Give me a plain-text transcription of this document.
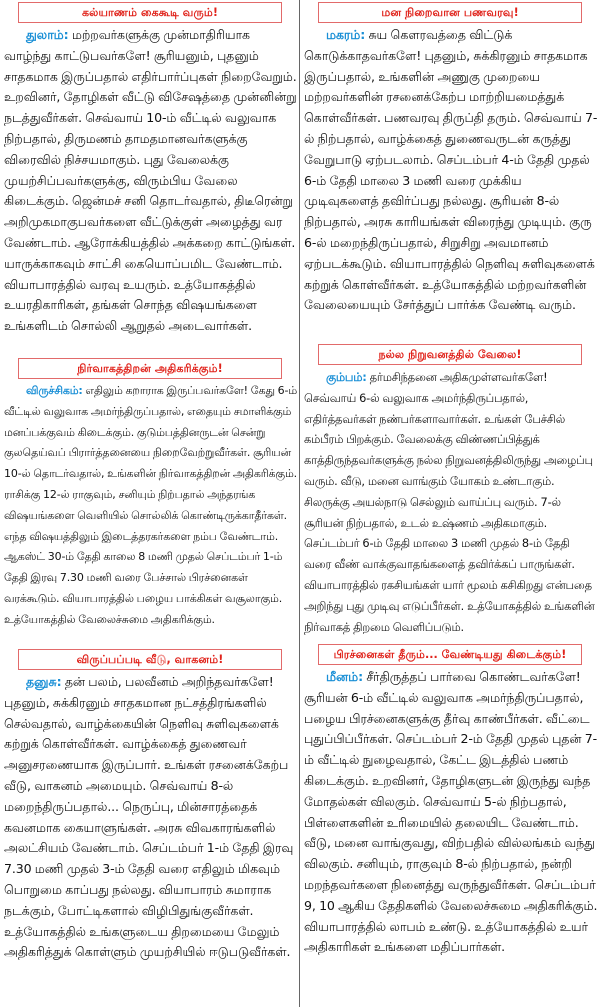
கல்யாணம் கைகூடி வரும்!
துலாம்: மற்றவர்களுக்கு முன்மாதிரியாக வாழ்ந்து காட்டுபவர்களே! சூரியனும், புதனும் சாதகமாக இருப்பதால் எதிர்பார்ப்புகள் நிறைவேறும். உறவினர், தோழிகள் வீட்டு விசேஷத்தை முன்னின்று நடத்துவீர்கள். செவ்வாய் 10-ம் வீட்டில் வலுவாக நிற்பதால், திருமணம் தாமதமானவர்களுக்கு விரைவில் நிச்சயமாகும். புது வேலைக்கு முயற்சிப்பவர்களுக்கு, விரும்பிய வேலை கிடைக்கும். ஜென்மச் சனி தொடர்வதால், திடீரென்று அறிமுகமாகுபவர்களை வீட்டுக்குள் அழைத்து வர வேண்டாம். ஆரோக்கியத்தில் அக்கறை காட்டுங்கள். யாருக்காகவும் சாட்சி கையொப்பமிட வேண்டாம். வியாபாரத்தில் வரவு உயரும். உத்யோகத்தில் உயரதிகாரிகள், தங்கள் சொந்த விஷயங்களை உங்களிடம் சொல்லி ஆறுதல் அடைவார்கள்.
நிர்வாகத்திறன் அதிகரிக்கும்!
விருச்சிகம்: எதிலும் கறாராக இருப்பவர்களே! கேது 6-ம் வீட்டில் வலுவாக அமர்ந்திருப்பதால், எதையும் சமாளிக்கும் மனப்பக்குவம் கிடைக்கும். குடும்பத்தினருடன் சென்று குலதெய்வப் பிரார்த்தனையை நிறைவேற்றுவீர்கள். சூரியன் 10-ல் தொடர்வதால், உங்களின் நிர்வாகத்திறன் அதிகரிக்கும். ராசிக்கு 12-ல் ராகுவும், சனியும் நிற்பதால் அந்தரங்க விஷயங்களை வெளியில் சொல்லிக் கொண்டிருக்காதீர்கள். எந்த விஷயத்திலும் இடைத்தரகர்களை நம்ப வேண்டாம். ஆகஸ்ட் 30-ம் தேதி காலை 8 மணி முதல் செப்டம்பர் 1-ம் தேதி இரவு 7.30 மணி வரை பேச்சால் பிரச்னைகள் வரக்கூடும். வியாபாரத்தில் பழைய பாக்கிகள் வசூலாகும். உத்யோகத்தில் வேலைச்சுமை அதிகரிக்கும்.
விருப்பப்படி வீடு, வாகனம்!
தனுசு: தன் பலம், பலவீனம் அறிந்தவர்களே! புதனும், சுக்கிரனும் சாதகமான நட்சத்திரங்களில் செல்வதால், வாழ்க்கையின் நெளிவு சுளிவுகளைக் கற்றுக் கொள்வீர்கள். வாழ்க்கைத் துணைவர் அனுசரணையாக இருப்பார். உங்கள் ரசனைக்கேற்ப வீடு, வாகனம் அமையும். செவ்வாய் 8-ல் மறைந்திருப்பதால்... நெருப்பு, மின்சாரத்தைக் கவனமாக கையாளுங்கள். அரசு விவகாரங்களில் அலட்சியம் வேண்டாம். செப்டம்பர் 1-ம் தேதி இரவு 7.30 மணி முதல் 3-ம் தேதி வரை எதிலும் மிகவும் பொறுமை காப்பது நல்லது. வியாபாரம் சுமாராக நடக்கும், போட்டிகளால் விழிபிதுங்குவீர்கள். உத்யோகத்தில் உங்களுடைய திறமையை மேலும் அதிகரித்துக் கொள்ளும் முயற்சியில் ஈடுபடுவீர்கள்.
மன நிறைவான பணவரவு!
மகரம்: சுய கௌரவத்தை விட்டுக் கொடுக்காதவர்களே! புதனும், சுக்கிரனும் சாதகமாக இருப்பதால், உங்களின் அணுகு முறையை மற்றவர்களின் ரசனைக்கேற்ப மாற்றியமைத்துக் கொள்வீர்கள். பணவரவு திருப்தி தரும். செவ்வாய் 7-ல் நிற்பதால், வாழ்க்கைத் துணைவருடன் கருத்து வேறுபாடு ஏற்படலாம். செப்டம்பர் 4-ம் தேதி முதல் 6-ம் தேதி மாலை 3 மணி வரை முக்கிய முடிவுகளைத் தவிர்ப்பது நல்லது. சூரியன் 8-ல் நிற்பதால், அரசு காரியங்கள் விரைந்து முடியும். குரு 6-ல் மறைந்திருப்பதால், சிறுசிறு அவமானம் ஏற்படக்கூடும். வியாபாரத்தில் நெளிவு சுளிவுகளைக் கற்றுக் கொள்வீர்கள். உத்யோகத்தில் மற்றவர்களின் வேலையையும் சேர்த்துப் பார்க்க வேண்டி வரும்.
நல்ல நிறுவனத்தில் வேலை!
கும்பம்: தர்மசிந்தனை அதிகமுள்ளவர்களே! செவ்வாய் 6-ல் வலுவாக அமர்ந்திருப்பதால், எதிர்த்தவர்கள் நண்பர்களாவார்கள். உங்கள் பேச்சில் கம்பீரம் பிறக்கும். வேலைக்கு விண்ணப்பித்துக் காத்திருந்தவர்களுக்கு நல்ல நிறுவனத்திலிருந்து அழைப்பு வரும். வீடு, மனை வாங்கும் யோகம் உண்டாகும். சிலருக்கு அயல்நாடு செல்லும் வாய்ப்பு வரும். 7-ல் சூரியன் நிற்பதால், உடல் உஷ்ணம் அதிகமாகும். செப்டம்பர் 6-ம் தேதி மாலை 3 மணி முதல் 8-ம் தேதி வரை வீண் வாக்குவாதங்களைத் தவிர்க்கப் பாருங்கள். வியாபாரத்தில் ரகசியங்கள் யார் மூலம் கசிகிறது என்பதை அறிந்து புது முடிவு எடுப்பீர்கள். உத்யோகத்தில் உங்களின் நிர்வாகத் திறமை வெளிப்படும்.
பிரச்னைகள் தீரும்... வேண்டியது கிடைக்கும்!
மீனம்: சீர்திருத்தப் பார்வை கொண்டவர்களே! சூரியன் 6-ம் வீட்டில் வலுவாக அமர்ந்திருப்பதால், பழைய பிரச்னைகளுக்கு தீர்வு காண்பீர்கள். வீட்டை புதுப்பிப்பீர்கள். செப்டம்பர் 2-ம் தேதி முதல் புதன் 7-ம் வீட்டில் நுழைவதால், கேட்ட இடத்தில் பணம் கிடைக்கும். உறவினர், தோழிகளுடன் இருந்து வந்த மோதல்கள் விலகும். செவ்வாய் 5-ல் நிற்பதால், பிள்ளைகளின் உரிமையில் தலையிட வேண்டாம். வீடு, மனை வாங்குவது, விற்பதில் வில்லங்கம் வந்து விலகும். சனியும், ராகுவும் 8-ல் நிற்பதால், நன்றி மறந்தவர்களை நினைத்து வருந்துவீர்கள். செப்டம்பர் 9, 10 ஆகிய தேதிகளில் வேலைச்சுமை அதிகரிக்கும். வியாபாரத்தில் லாபம் உண்டு. உத்யோகத்தில் உயர் அதிகாரிகள் உங்களை மதிப்பார்கள்.
